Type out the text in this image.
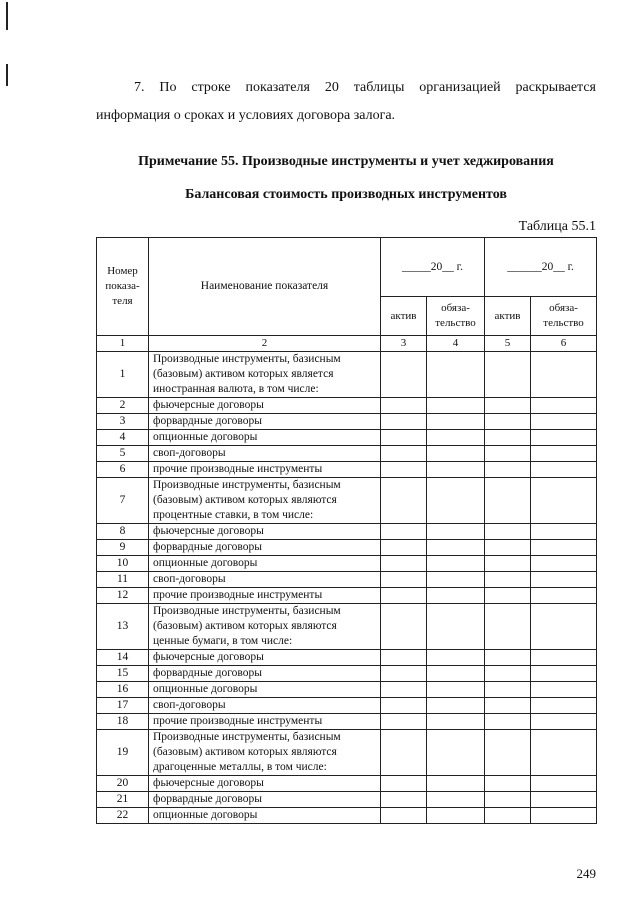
7. По строке показателя 20 таблицы организацией раскрывается
информация о сроках и условиях договора залога.
Примечание 55. Производные инструменты и учет хеджирования
Балансовая стоимость производных инструментов
Таблица 55.1
Номер показа-теля	Наименование показателя	_____20__ г.		______20__ г.	
		актив	обяза-тельство	актив	обяза-тельство
1	2	3	4	5	6
1	Производные инструменты, базисным (базовым) активом которых является иностранная валюта, в том числе:				
2	фьючерсные договоры				
3	форвардные договоры				
4	опционные договоры				
5	своп-договоры				
6	прочие производные инструменты				
7	Производные инструменты, базисным (базовым) активом которых являются процентные ставки, в том числе:				
8	фьючерсные договоры				
9	форвардные договоры				
10	опционные договоры				
11	своп-договоры				
12	прочие производные инструменты				
13	Производные инструменты, базисным (базовым) активом которых являются ценные бумаги, в том числе:				
14	фьючерсные договоры				
15	форвардные договоры				
16	опционные договоры				
17	своп-договоры				
18	прочие производные инструменты				
19	Производные инструменты, базисным (базовым) активом которых являются драгоценные металлы, в том числе:				
20	фьючерсные договоры				
21	форвардные договоры				
22	опционные договоры				
249
